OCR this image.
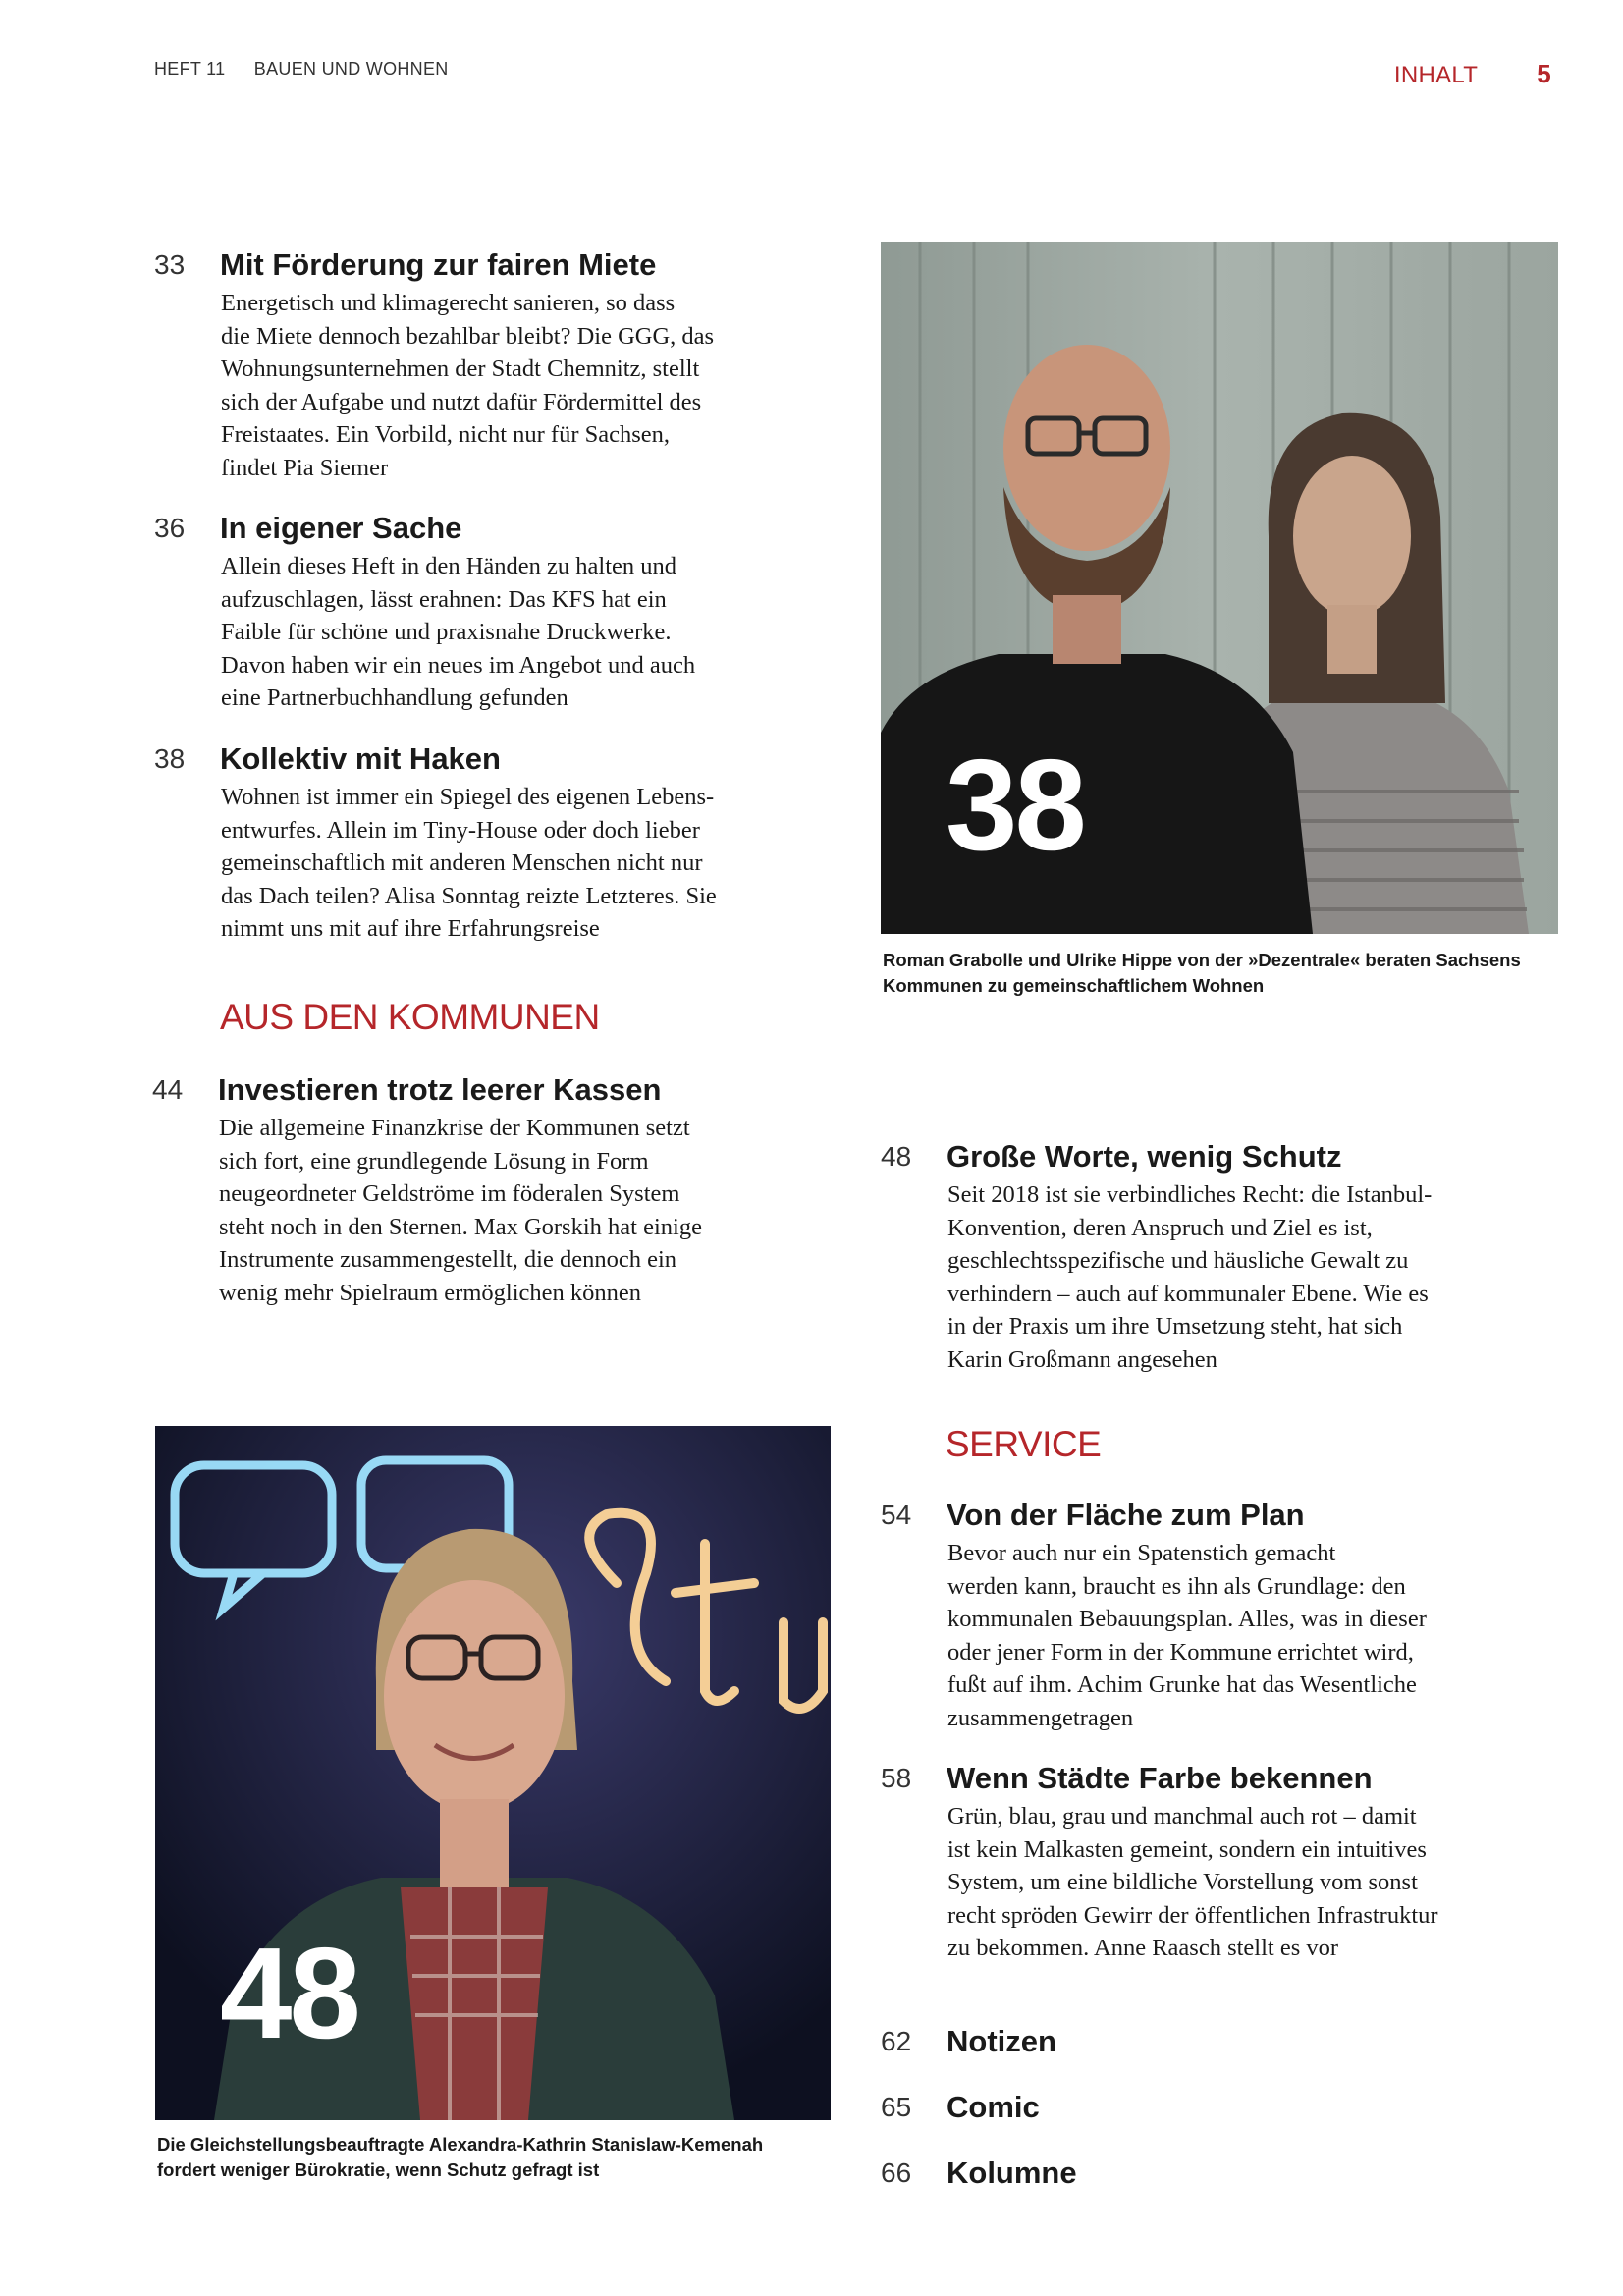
HEFT 11 BAUEN UND WOHNEN	INHALT 5
33 Mit Förderung zur fairen Miete
Energetisch und klimagerecht sanieren, so dass
die Miete dennoch bezahlbar bleibt? Die GGG, das
Wohnungsunternehmen der Stadt Chemnitz, stellt
sich der Aufgabe und nutzt dafür Fördermittel des
Freistaates. Ein Vorbild, nicht nur für Sachsen,
findet Pia Siemer
36 In eigener Sache
Allein dieses Heft in den Händen zu halten und
aufzuschlagen, lässt erahnen: Das KFS hat ein
Faible für schöne und praxisnahe Druckwerke.
Davon haben wir ein neues im Angebot und auch
eine Partnerbuchhandlung gefunden
38 Kollektiv mit Haken
Wohnen ist immer ein Spiegel des eigenen Lebens-
entwurfes. Allein im Tiny-House oder doch lieber
gemeinschaftlich mit anderen Menschen nicht nur
das Dach teilen? Alisa Sonntag reizte Letzteres. Sie
nimmt uns mit auf ihre Erfahrungsreise
AUS DEN KOMMUNEN
44 Investieren trotz leerer Kassen
Die allgemeine Finanzkrise der Kommunen setzt
sich fort, eine grundlegende Lösung in Form
neugeordneter Geldströme im föderalen System
steht noch in den Sternen. Max Gorskih hat einige
Instrumente zusammengestellt, die dennoch ein
wenig mehr Spielraum ermöglichen können
38
Roman Grabolle und Ulrike Hippe von der »Dezentrale« beraten Sachsens
Kommunen zu gemeinschaftlichem Wohnen
48 Große Worte, wenig Schutz
Seit 2018 ist sie verbindliches Recht: die Istanbul-
Konvention, deren Anspruch und Ziel es ist,
geschlechtsspezifische und häusliche Gewalt zu
verhindern – auch auf kommunaler Ebene. Wie es
in der Praxis um ihre Umsetzung steht, hat sich
Karin Großmann angesehen
48
Die Gleichstellungsbeauftragte Alexandra-Kathrin Stanislaw-Kemenah
fordert weniger Bürokratie, wenn Schutz gefragt ist
SERVICE
54 Von der Fläche zum Plan
Bevor auch nur ein Spatenstich gemacht
werden kann, braucht es ihn als Grundlage: den
kommunalen Bebauungsplan. Alles, was in dieser
oder jener Form in der Kommune errichtet wird,
fußt auf ihm. Achim Grunke hat das Wesentliche
zusammengetragen
58 Wenn Städte Farbe bekennen
Grün, blau, grau und manchmal auch rot – damit
ist kein Malkasten gemeint, sondern ein intuitives
System, um eine bildliche Vorstellung vom sonst
recht spröden Gewirr der öffentlichen Infrastruktur
zu bekommen. Anne Raasch stellt es vor
62 Notizen
65 Comic
66 Kolumne
